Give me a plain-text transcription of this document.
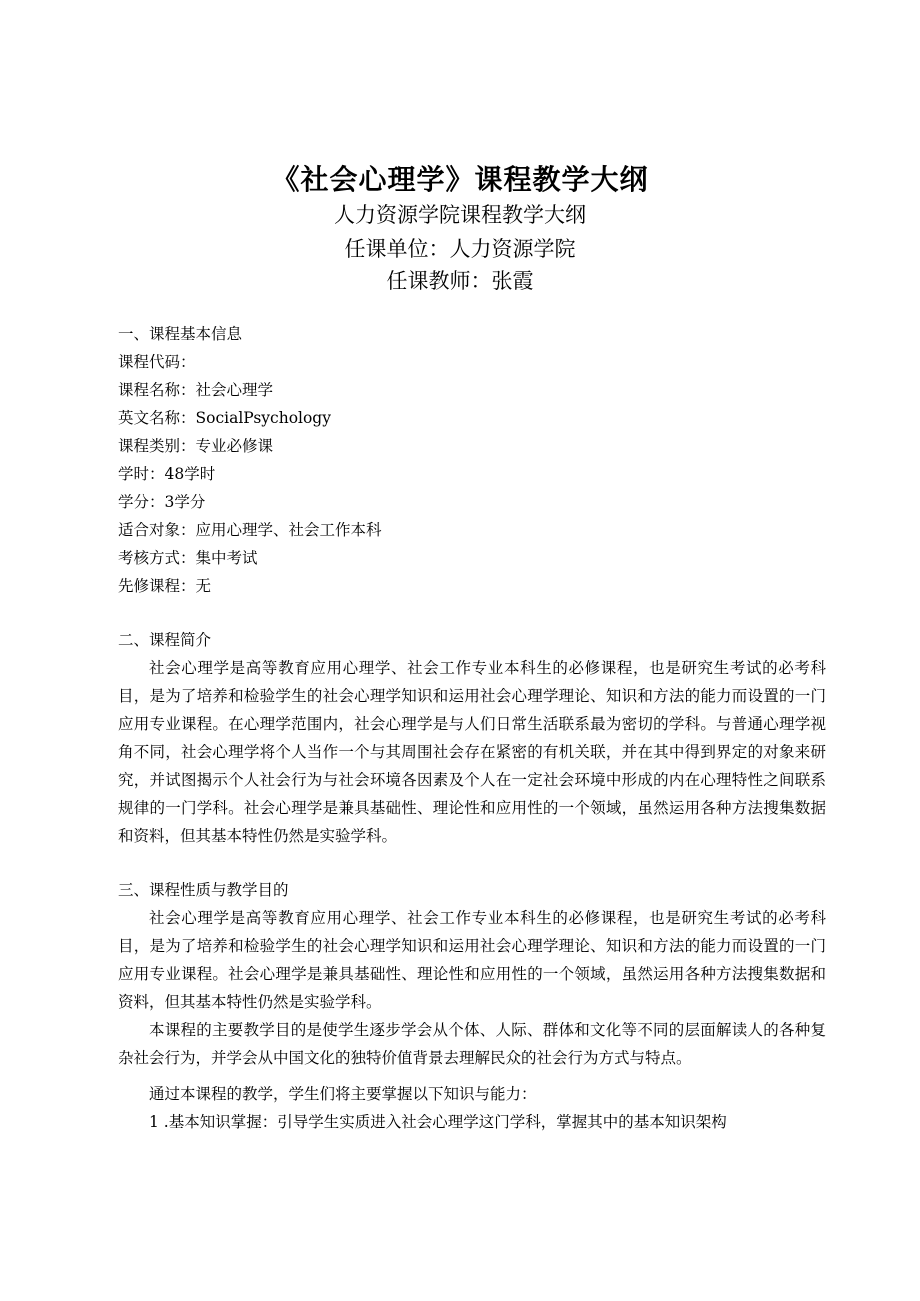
《社会心理学》课程教学大纲
人力资源学院课程教学大纲
任课单位：人力资源学院
任课教师：张霞
一、课程基本信息
课程代码：
课程名称：社会心理学
英文名称：SocialPsychology
课程类别：专业必修课
学时：48学时
学分：3学分
适合对象：应用心理学、社会工作本科
考核方式：集中考试
先修课程：无
二、课程简介

社会心理学是高等教育应用心理学、社会工作专业本科生的必修课程，也是研究生考试的必考科目，是为了培养和检验学生的社会心理学知识和运用社会心理学理论、知识和方法的能力而设置的一门应用专业课程。在心理学范围内，社会心理学是与人们日常生活联系最为密切的学科。与普通心理学视角不同，社会心理学将个人当作一个与其周围社会存在紧密的有机关联，并在其中得到界定的对象来研究，并试图揭示个人社会行为与社会环境各因素及个人在一定社会环境中形成的内在心理特性之间联系规律的一门学科。社会心理学是兼具基础性、理论性和应用性的一个领域，虽然运用各种方法搜集数据和资料，但其基本特性仍然是实验学科。

三、课程性质与教学目的

社会心理学是高等教育应用心理学、社会工作专业本科生的必修课程，也是研究生考试的必考科目，是为了培养和检验学生的社会心理学知识和运用社会心理学理论、知识和方法的能力而设置的一门应用专业课程。社会心理学是兼具基础性、理论性和应用性的一个领域，虽然运用各种方法搜集数据和资料，但其基本特性仍然是实验学科。

本课程的主要教学目的是使学生逐步学会从个体、人际、群体和文化等不同的层面解读人的各种复杂社会行为，并学会从中国文化的独特价值背景去理解民众的社会行为方式与特点。

通过本课程的教学，学生们将主要掌握以下知识与能力：

1 .基本知识掌握：引导学生实质进入社会心理学这门学科，掌握其中的基本知识架构
